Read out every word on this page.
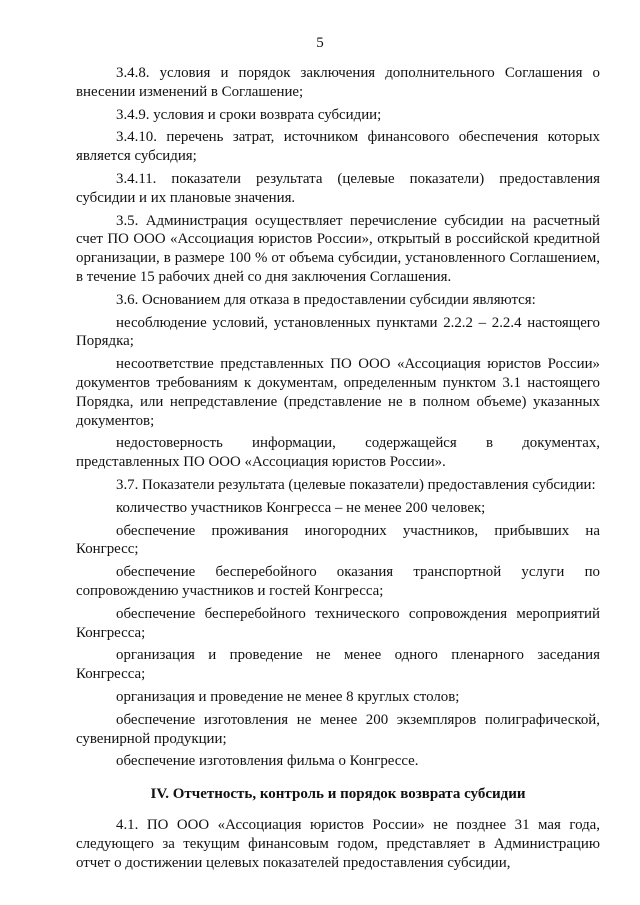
5

3.4.8. условия и порядок заключения дополнительного Соглашения о внесении изменений в Соглашение;

3.4.9. условия и сроки возврата субсидии;

3.4.10. перечень затрат, источником финансового обеспечения которых является субсидия;

3.4.11. показатели результата (целевые показатели) предоставления субсидии и их плановые значения.

3.5. Администрация осуществляет перечисление субсидии на расчетный счет ПО ООО «Ассоциация юристов России», открытый в российской кредитной организации, в размере 100 % от объема субсидии, установленного Соглашением, в течение 15 рабочих дней со дня заключения Соглашения.

3.6. Основанием для отказа в предоставлении субсидии являются:

несоблюдение условий, установленных пунктами 2.2.2 – 2.2.4 настоящего Порядка;

несоответствие представленных ПО ООО «Ассоциация юристов России» документов требованиям к документам, определенным пунктом 3.1 настоящего Порядка, или непредставление (представление не в полном объеме) указанных документов;

недостоверность информации, содержащейся в документах, представленных ПО ООО «Ассоциация юристов России».

3.7. Показатели результата (целевые показатели) предоставления субсидии:

количество участников Конгресса – не менее 200 человек;

обеспечение проживания иногородних участников, прибывших на Конгресс;

обеспечение бесперебойного оказания транспортной услуги по сопровождению участников и гостей Конгресса;

обеспечение бесперебойного технического сопровождения мероприятий Конгресса;

организация и проведение не менее одного пленарного заседания Конгресса;

организация и проведение не менее 8 круглых столов;

обеспечение изготовления не менее 200 экземпляров полиграфической, сувенирной продукции;

обеспечение изготовления фильма о Конгрессе.

IV. Отчетность, контроль и порядок возврата субсидии

4.1. ПО ООО «Ассоциация юристов России» не позднее 31 мая года, следующего за текущим финансовым годом, представляет в Администрацию отчет о достижении целевых показателей предоставления субсидии,
